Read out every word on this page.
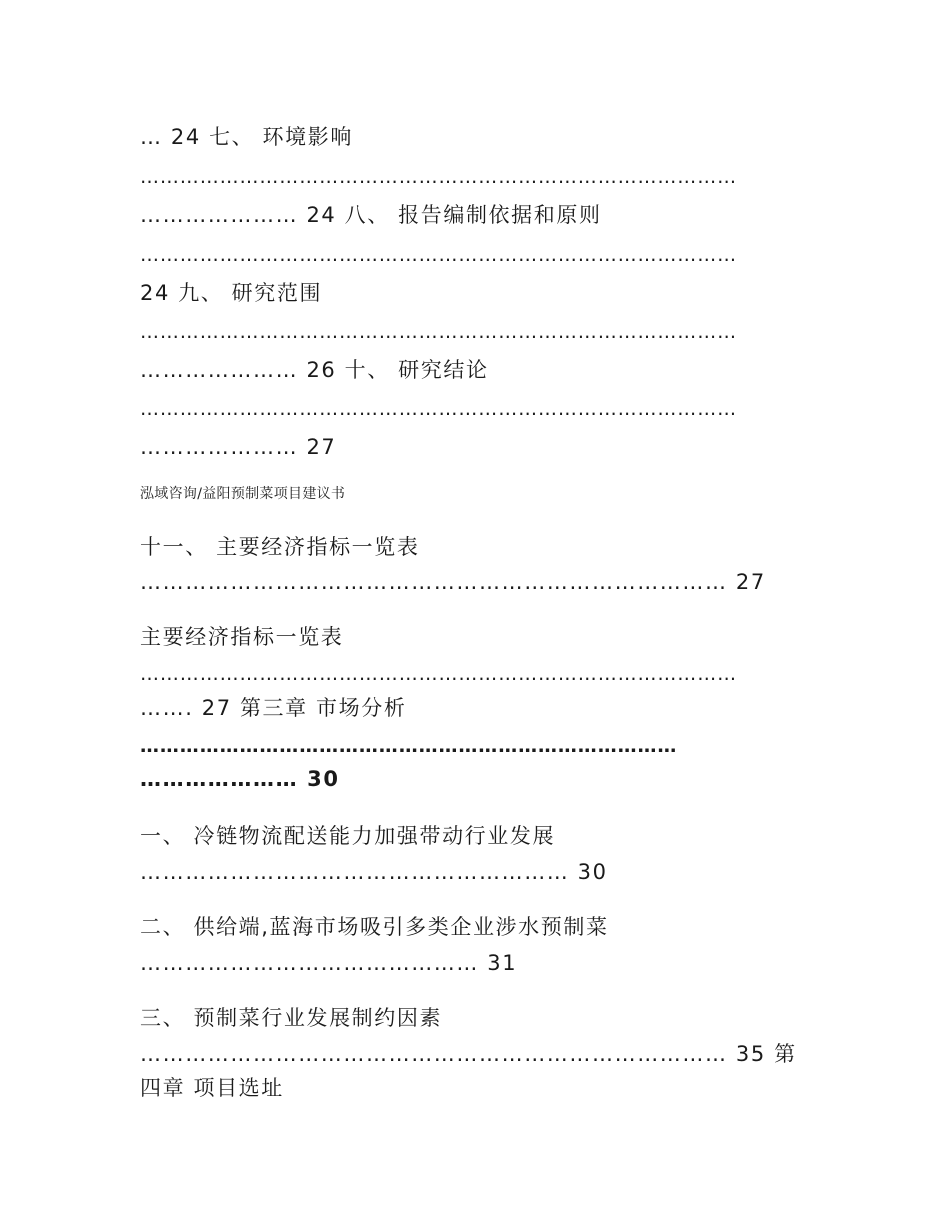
… 24 七、 环境影响
………………………………………………………………………………
………………… 24 八、 报告编制依据和原则
………………………………………………………………………………
24 九、 研究范围
………………………………………………………………………………
………………… 26 十、 研究结论
………………………………………………………………………………
………………… 27
泓域咨询/益阳预制菜项目建议书
十一、 主要经济指标一览表
…………………………………………………………………… 27
主要经济指标一览表
………………………………………………………………………………
……. 27 第三章 市场分析
………………………………………………………………………
………………… 30
一、 冷链物流配送能力加强带动行业发展
………………………………………………… 30
二、 供给端,蓝海市场吸引多类企业涉水预制菜
……………………………………… 31
三、 预制菜行业发展制约因素
…………………………………………………………………… 35 第
四章 项目选址
